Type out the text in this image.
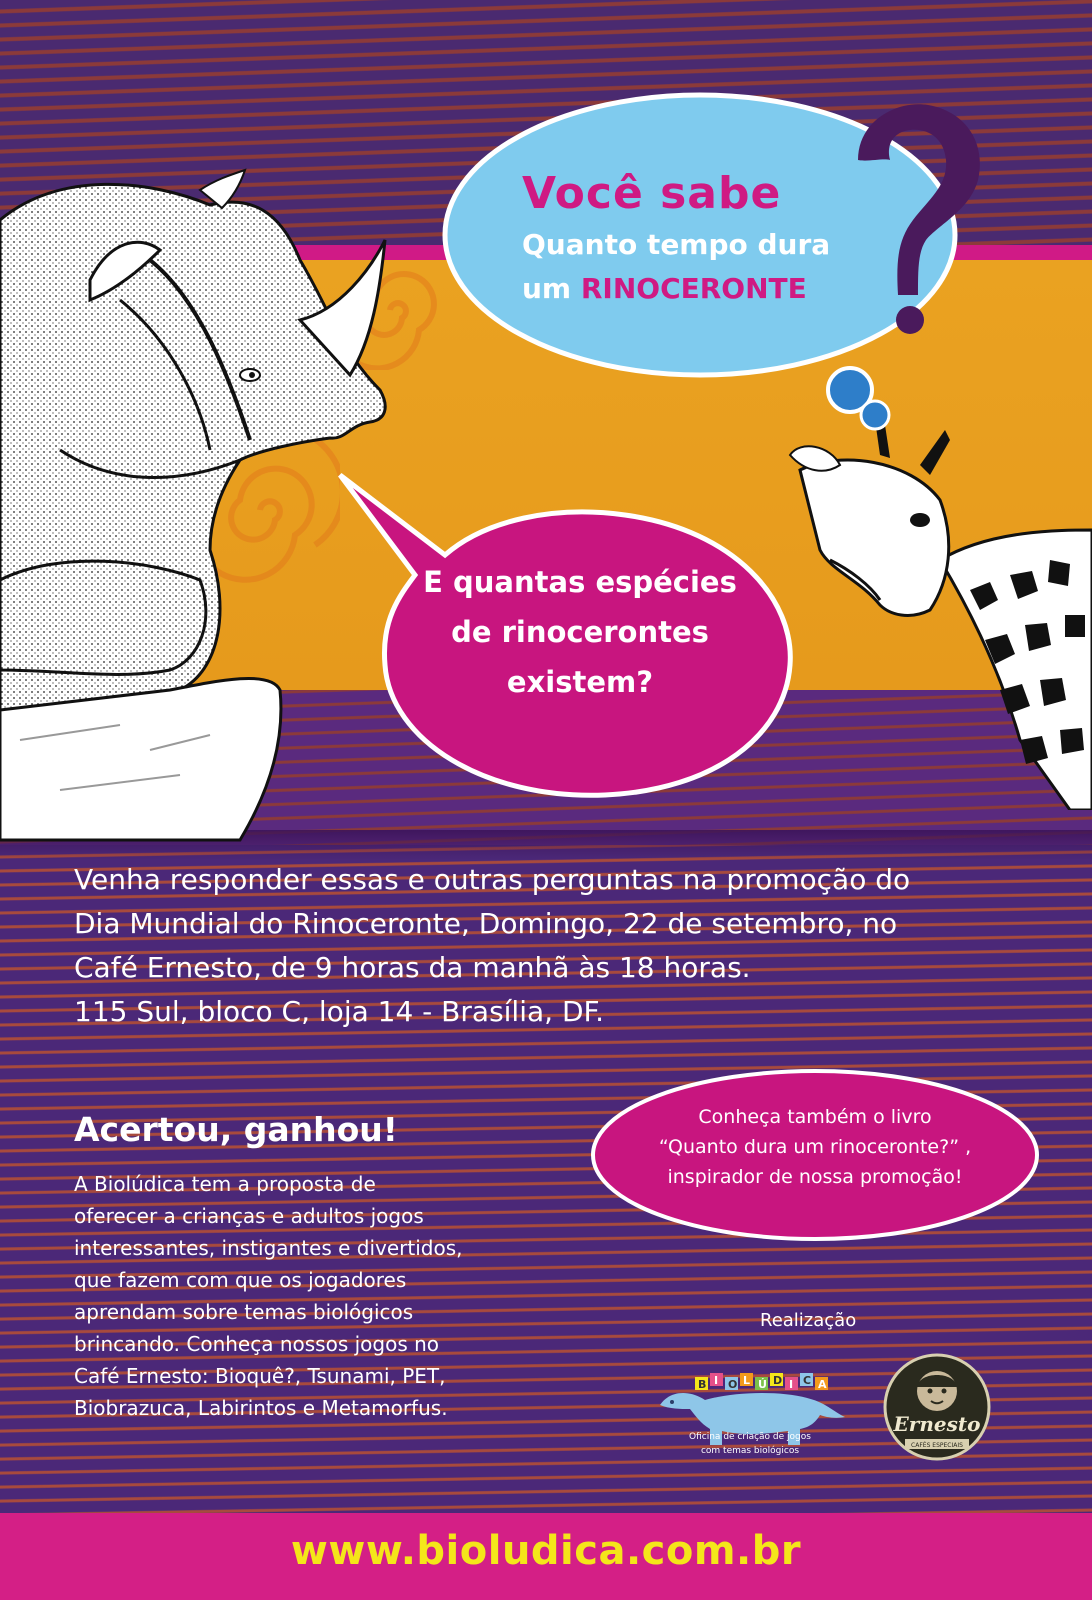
Você sabe
Quanto tempo dura
um RINOCERONTE
E quantas espécies
de rinocerontes
existem?
Venha responder essas e outras perguntas na promoção do
Dia Mundial do Rinoceronte, Domingo, 22 de setembro, no
Café Ernesto, de 9 horas da manhã às 18 horas.
115 Sul, bloco C, loja 14 - Brasília, DF.
Acertou, ganhou!
A Biolúdica tem a proposta de
oferecer a crianças e adultos jogos
interessantes, instigantes e divertidos,
que fazem com que os jogadores
aprendam sobre temas biológicos
brincando. Conheça nossos jogos no
Café Ernesto: Bioquê?, Tsunami, PET,
Biobrazuca, Labirintos e Metamorfus.
Conheça também o livro
“Quanto dura um rinoceronte?” ,
inspirador de nossa promoção!
Realização
B I O L Ú D I C A
Oficina de criação de jogos
com temas biológicos
Ernesto
CAFÉS ESPECIAIS
www.bioludica.com.br
